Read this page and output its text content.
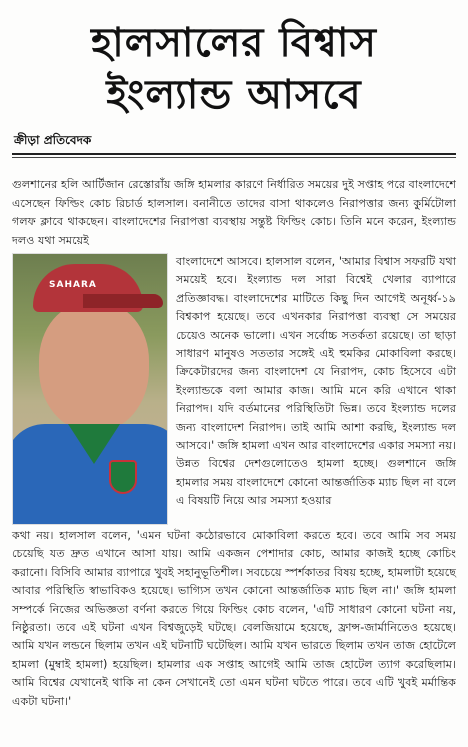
হালসালের বিশ্বাস
ইংল্যান্ড আসবে
ক্রীড়া প্রতিবেদক

গুলশানের হলি আর্টিজান রেস্তোরাঁয় জঙ্গি হামলার কারণে নির্ধারিত সময়ের দুই সপ্তাহ পরে বাংলাদেশে এসেছেন ফিল্ডিং কোচ রিচার্ড হালসাল। বনানীতে তাদের বাসা থাকলেও নিরাপত্তার জন্য কুর্মিটোলা গলফ ক্লাবে থাকছেন। বাংলাদেশের নিরাপত্তা ব্যবস্থায় সন্তুষ্ট ফিল্ডিং কোচ। তিনি মনে করেন, ইংল্যান্ড দলও যথা সময়েই

SAHARA

বাংলাদেশে আসবে। হালসাল বলেন, 'আমার বিশ্বাস সফরটি যথা সময়েই হবে। ইংল্যান্ড দল সারা বিশ্বেই খেলার ব্যাপারে প্রতিজ্ঞাবদ্ধ। বাংলাদেশের মাটিতে কিছু দিন আগেই অনূর্ধ্ব-১৯ বিশ্বকাপ হয়েছে। তবে এখনকার নিরাপত্তা ব্যবস্থা সে সময়ের চেয়েও অনেক ভালো। এখন সর্বোচ্চ সতর্কতা রয়েছে। তা ছাড়া সাধারণ মানুষও সততার সঙ্গেই এই হুমকির মোকাবিলা করছে। ক্রিকেটারদের জন্য বাংলাদেশ যে নিরাপদ, কোচ হিসেবে এটা ইংল্যান্ডকে বলা আমার কাজ। আমি মনে করি এখানে থাকা নিরাপদ। যদি বর্তমানের পরিস্থিতিটা ভিন্ন। তবে ইংল্যান্ড দলের জন্য বাংলাদেশ নিরাপদ। তাই আমি আশা করছি, ইংল্যান্ড দল আসবে।' জঙ্গি হামলা এখন আর বাংলাদেশের একার সমস্যা নয়। উন্নত বিশ্বের দেশগুলোতেও হামলা হচ্ছে। গুলশানে জঙ্গি হামলার সময় বাংলাদেশে কোনো আন্তর্জাতিক ম্যাচ ছিল না বলে এ বিষয়টি নিয়ে আর সমস্যা হওয়ার

কথা নয়। হালসাল বলেন, 'এমন ঘটনা কঠোরভাবে মোকাবিলা করতে হবে। তবে আমি সব সময় চেয়েছি যত দ্রুত এখানে আসা যায়। আমি একজন পেশাদার কোচ, আমার কাজই হচ্ছে কোচিং করানো। বিসিবি আমার ব্যাপারে খুবই সহানুভূতিশীল। সবচেয়ে স্পর্শকাতর বিষয় হচ্ছে, হামলাটা হয়েছে আবার পরিস্থিতি স্বাভাবিকও হয়েছে। ভাগ্যিস তখন কোনো আন্তর্জাতিক ম্যাচ ছিল না।' জঙ্গি হামলা সম্পর্কে নিজের অভিজ্ঞতা বর্ণনা করতে গিয়ে ফিল্ডিং কোচ বলেন, 'এটি সাধারণ কোনো ঘটনা নয়, নিষ্ঠুরতা। তবে এই ঘটনা এখন বিশ্বজুড়েই ঘটছে। বেলজিয়ামে হয়েছে, ফ্রান্স-জার্মানিতেও হয়েছে। আমি যখন লন্ডনে ছিলাম তখন এই ঘটনাটি ঘটেছিল। আমি যখন ভারতে ছিলাম তখন তাজ হোটেলে হামলা (মুম্বাই হামলা) হয়েছিল। হামলার এক সপ্তাহ আগেই আমি তাজ হোটেল ত্যাগ করেছিলাম। আমি বিশ্বের যেখানেই থাকি না কেন সেখানেই তো এমন ঘটনা ঘটতে পারে। তবে এটি খুবই মর্মান্তিক একটা ঘটনা।'
